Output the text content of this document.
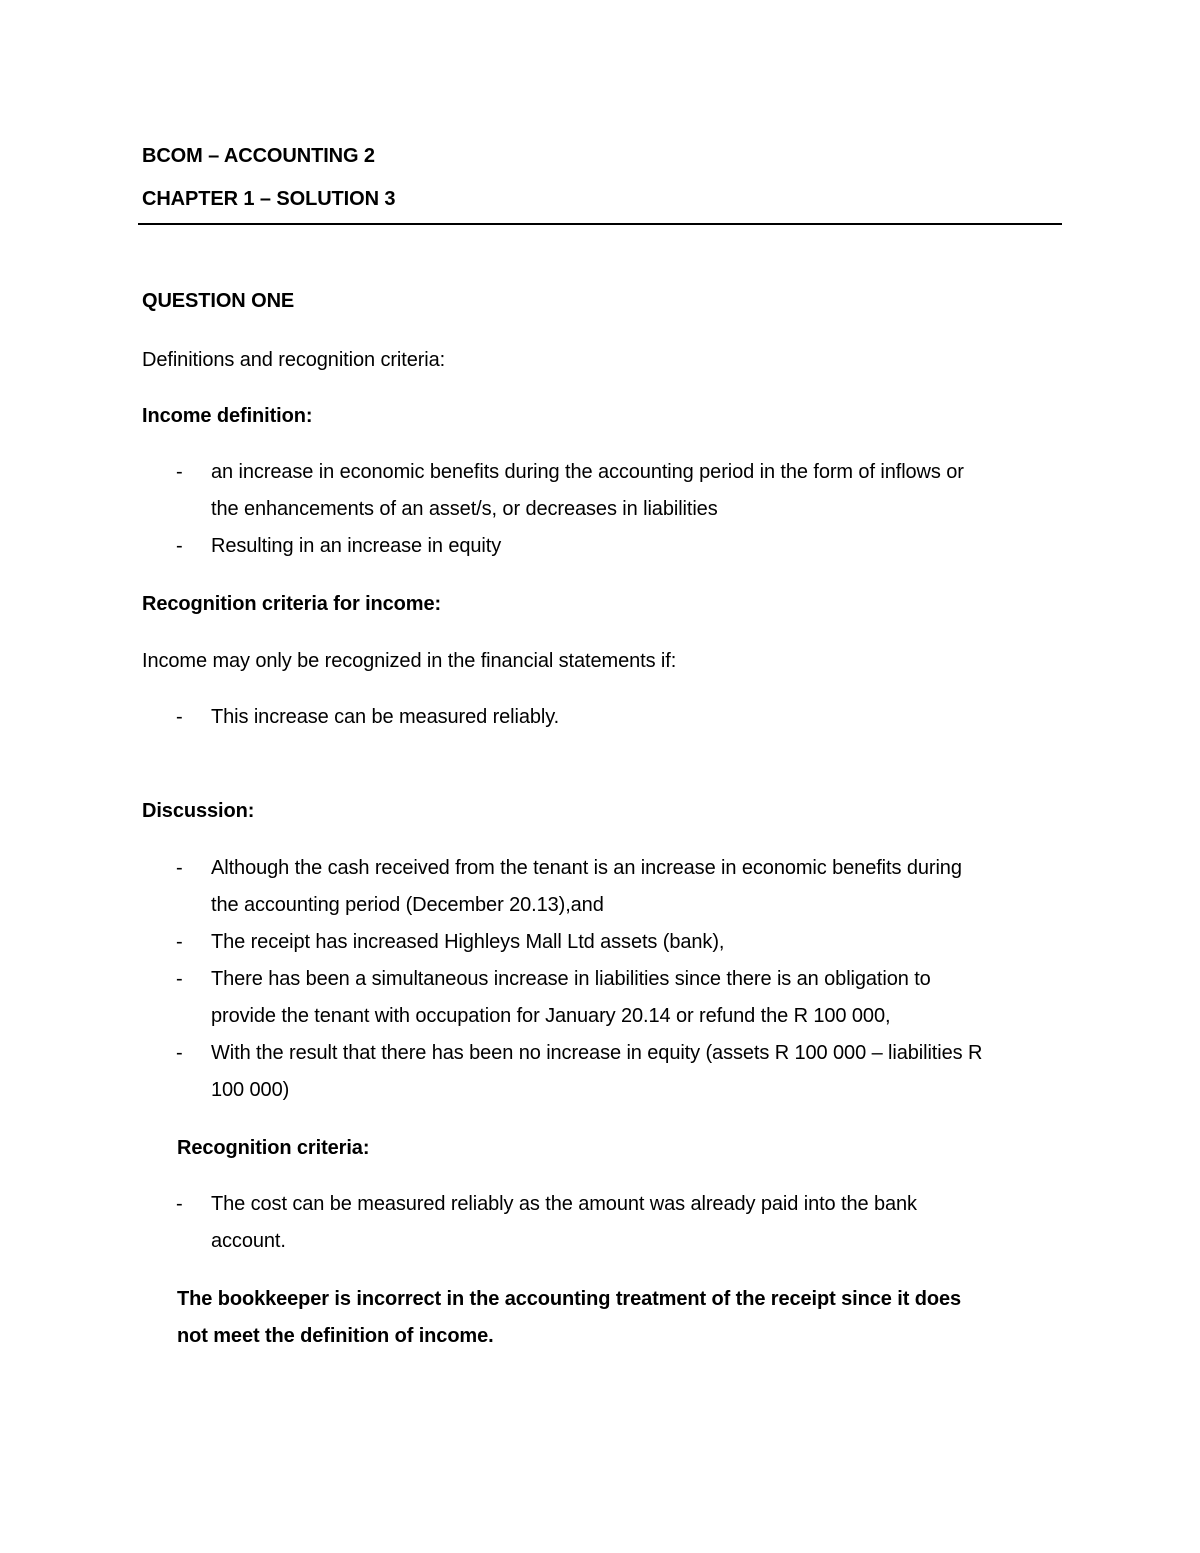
BCOM – ACCOUNTING 2
CHAPTER 1 – SOLUTION 3
QUESTION ONE
Definitions and recognition criteria:
Income definition:
- an increase in economic benefits during the accounting period in the form of inflows or
the enhancements of an asset/s, or decreases in liabilities
- Resulting in an increase in equity
Recognition criteria for income:
Income may only be recognized in the financial statements if:
- This increase can be measured reliably.
Discussion:
- Although the cash received from the tenant is an increase in economic benefits during
the accounting period (December 20.13),and
- The receipt has increased Highleys Mall Ltd assets (bank),
- There has been a simultaneous increase in liabilities since there is an obligation to
provide the tenant with occupation for January 20.14 or refund the R 100 000,
- With the result that there has been no increase in equity (assets R 100 000 – liabilities R
100 000)
Recognition criteria:
- The cost can be measured reliably as the amount was already paid into the bank
account.
The bookkeeper is incorrect in the accounting treatment of the receipt since it does
not meet the definition of income.
